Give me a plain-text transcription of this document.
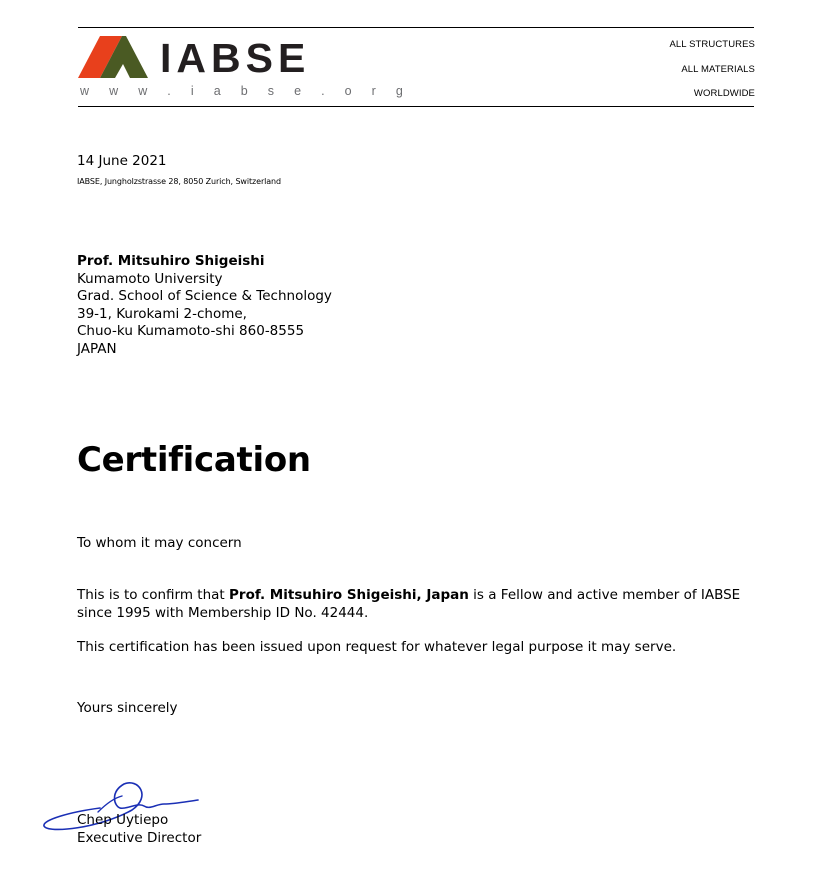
IABSE
w w w . i a b s e . o r g
ALL STRUCTURES
ALL MATERIALS
WORLDWIDE
14 June 2021
IABSE, Jungholzstrasse 28, 8050 Zurich, Switzerland
Prof. Mitsuhiro Shigeishi
Kumamoto University
Grad. School of Science & Technology
39-1, Kurokami 2-chome,
Chuo-ku Kumamoto-shi 860-8555
JAPAN
Certification
To whom it may concern
This is to confirm that Prof. Mitsuhiro Shigeishi, Japan is a Fellow and active member of IABSE since 1995 with Membership ID No. 42444.
This certification has been issued upon request for whatever legal purpose it may serve.
Yours sincerely
Chep Uytiepo
Executive Director
